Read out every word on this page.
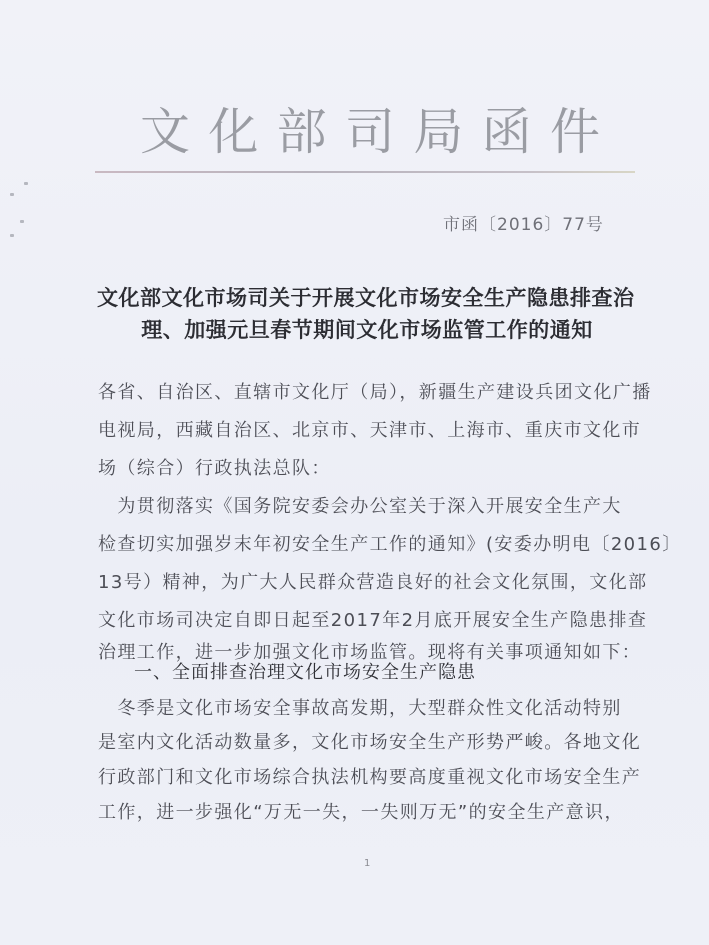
文 化 部 司 局 函 件
市函〔2016〕77号
文化部文化市场司关于开展文化市场安全生产隐患排查治
理、加强元旦春节期间文化市场监管工作的通知
各省、自治区、直辖市文化厅（局），新疆生产建设兵团文化广播
电视局，西藏自治区、北京市、天津市、上海市、重庆市文化市
场（综合）行政执法总队：
　为贯彻落实《国务院安委会办公室关于深入开展安全生产大
检查切实加强岁末年初安全生产工作的通知》(安委办明电〔2016〕
13号）精神，为广大人民群众营造良好的社会文化氛围，文化部
文化市场司决定自即日起至2017年2月底开展安全生产隐患排查
治理工作，进一步加强文化市场监管。现将有关事项通知如下：
一、全面排查治理文化市场安全生产隐患
　冬季是文化市场安全事故高发期，大型群众性文化活动特别
是室内文化活动数量多，文化市场安全生产形势严峻。各地文化
行政部门和文化市场综合执法机构要高度重视文化市场安全生产
工作，进一步强化“万无一失，一失则万无”的安全生产意识，
1
